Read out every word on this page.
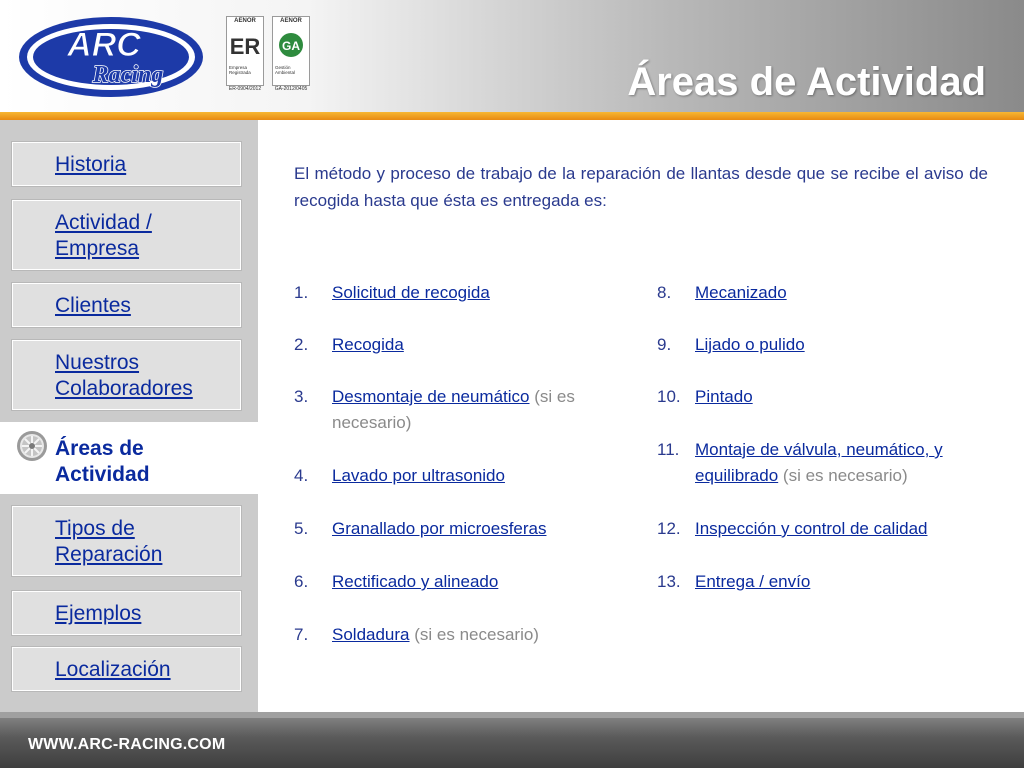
ARC
Racing
AENOR
ER
Empresa Registrada
ER-0904/2012
AENOR
GA
Gestión Ambiental
GA-2012/0405	Áreas de Actividad
Historia
Actividad /
Empresa
Clientes
Nuestros
Colaboradores
Áreas de
Actividad
Tipos de
Reparación
Ejemplos
Localización
El método y proceso de trabajo de la reparación de llantas desde que se recibe el aviso de recogida hasta que ésta es entregada es:
1. Solicitud de recogida
2. Recogida
3. Desmontaje de neumático (si es necesario)
4. Lavado por ultrasonido
5. Granallado por microesferas
6. Rectificado y alineado
7. Soldadura (si es necesario)
8. Mecanizado
9. Lijado o pulido
10. Pintado
11. Montaje de válvula, neumático, y equilibrado (si es necesario)
12. Inspección y control de calidad
13. Entrega / envío
WWW.ARC-RACING.COM
